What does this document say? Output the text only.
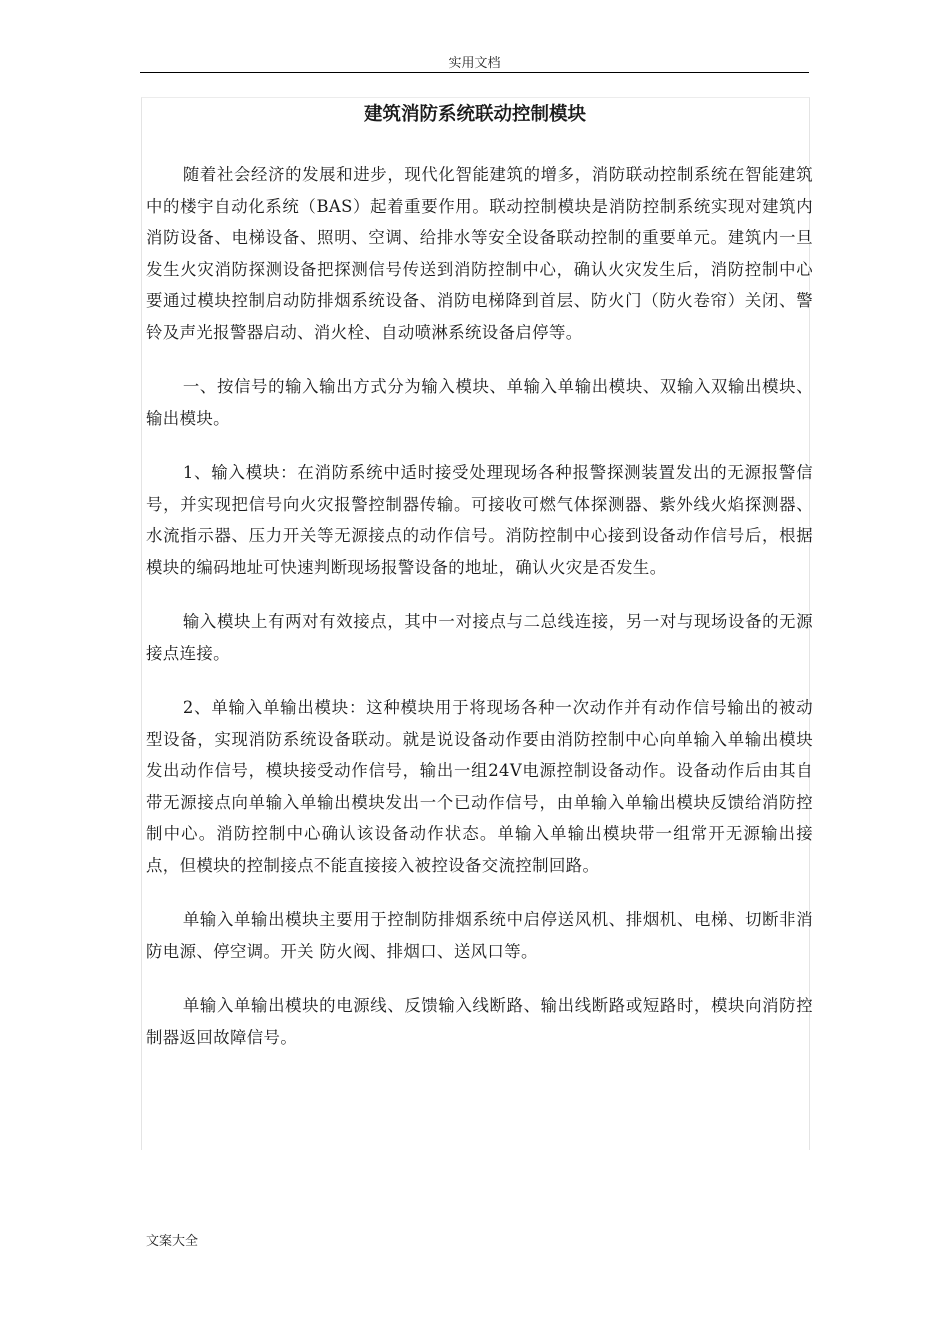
实用文档
建筑消防系统联动控制模块

随着社会经济的发展和进步，现代化智能建筑的增多，消防联动控制系统在智能建筑中的楼宇自动化系统（BAS）起着重要作用。联动控制模块是消防控制系统实现对建筑内消防设备、电梯设备、照明、空调、给排水等安全设备联动控制的重要单元。建筑内一旦发生火灾消防探测设备把探测信号传送到消防控制中心，确认火灾发生后，消防控制中心要通过模块控制启动防排烟系统设备、消防电梯降到首层、防火门（防火卷帘）关闭、警铃及声光报警器启动、消火栓、自动喷淋系统设备启停等。

一、按信号的输入输出方式分为输入模块、单输入单输出模块、双输入双输出模块、输出模块。

1、输入模块：在消防系统中适时接受处理现场各种报警探测装置发出的无源报警信号，并实现把信号向火灾报警控制器传输。可接收可燃气体探测器、紫外线火焰探测器、水流指示器、压力开关等无源接点的动作信号。消防控制中心接到设备动作信号后，根据模块的编码地址可快速判断现场报警设备的地址，确认火灾是否发生。

输入模块上有两对有效接点，其中一对接点与二总线连接，另一对与现场设备的无源接点连接。

2、单输入单输出模块：这种模块用于将现场各种一次动作并有动作信号输出的被动型设备，实现消防系统设备联动。就是说设备动作要由消防控制中心向单输入单输出模块发出动作信号，模块接受动作信号，输出一组24V电源控制设备动作。设备动作后由其自带无源接点向单输入单输出模块发出一个已动作信号，由单输入单输出模块反馈给消防控制中心。消防控制中心确认该设备动作状态。单输入单输出模块带一组常开无源输出接点，但模块的控制接点不能直接接入被控设备交流控制回路。

单输入单输出模块主要用于控制防排烟系统中启停送风机、排烟机、电梯、切断非消防电源、停空调。开关 防火阀、排烟口、送风口等。

单输入单输出模块的电源线、反馈输入线断路、输出线断路或短路时，模块向消防控制器返回故障信号。

文案大全
